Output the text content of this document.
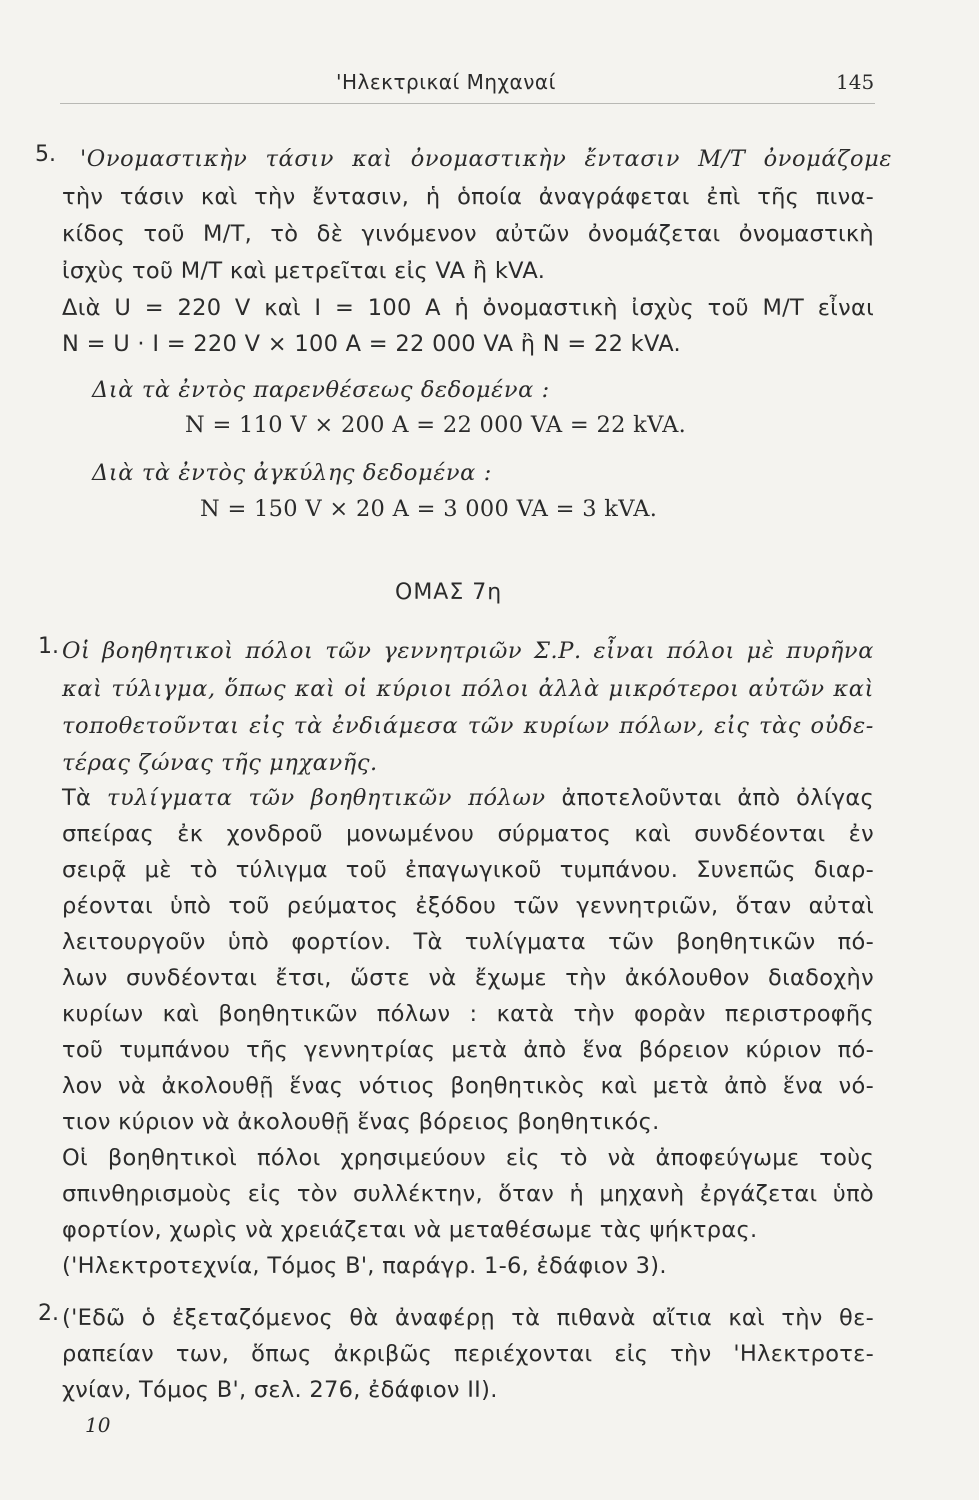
'Ηλεκτρικαί Μηχαναί	145
5. 'Ονομαστικὴν τάσιν καὶ ὀνομαστικὴν ἔντασιν Μ/Τ ὀνομάζομε
τὴν τάσιν καὶ τὴν ἔντασιν, ἡ ὁποία ἀναγράφεται ἐπὶ τῆς πινα-
κίδος τοῦ Μ/Τ, τὸ δὲ γινόμενον αὐτῶν ὀνομάζεται ὀνομαστικὴ
ἰσχὺς τοῦ Μ/Τ καὶ μετρεῖται εἰς VA ἢ kVA.
Διὰ U = 220 V καὶ I = 100 A ἡ ὀνομαστικὴ ἰσχὺς τοῦ Μ/Τ εἶναι
N = U · I = 220 V × 100 A = 22 000 VA ἢ N = 22 kVA.
Διὰ τὰ ἐντὸς παρενθέσεως δεδομένα :
N = 110 V × 200 A = 22 000 VA = 22 kVA.
Διὰ τὰ ἐντὸς ἀγκύλης δεδομένα :
N = 150 V × 20 A = 3 000 VA = 3 kVA.
ΟΜΑΣ 7η
1. Οἱ βοηθητικοὶ πόλοι τῶν γεννητριῶν Σ.Ρ. εἶναι πόλοι μὲ πυρῆνα
καὶ τύλιγμα, ὅπως καὶ οἱ κύριοι πόλοι ἀλλὰ μικρότεροι αὐτῶν καὶ
τοποθετοῦνται εἰς τὰ ἐνδιάμεσα τῶν κυρίων πόλων, εἰς τὰς οὐδε-
τέρας ζώνας τῆς μηχανῆς.
Τὰ τυλίγματα τῶν βοηθητικῶν πόλων ἀποτελοῦνται ἀπὸ ὀλίγας
σπείρας ἐκ χονδροῦ μονωμένου σύρματος καὶ συνδέονται ἐν
σειρᾷ μὲ τὸ τύλιγμα τοῦ ἐπαγωγικοῦ τυμπάνου. Συνεπῶς διαρ-
ρέονται ὑπὸ τοῦ ρεύματος ἐξόδου τῶν γεννητριῶν, ὅταν αὐταὶ
λειτουργοῦν ὑπὸ φορτίον. Τὰ τυλίγματα τῶν βοηθητικῶν πό-
λων συνδέονται ἔτσι, ὥστε νὰ ἔχωμε τὴν ἀκόλουθον διαδοχὴν
κυρίων καὶ βοηθητικῶν πόλων : κατὰ τὴν φορὰν περιστροφῆς
τοῦ τυμπάνου τῆς γεννητρίας μετὰ ἀπὸ ἕνα βόρειον κύριον πό-
λον νὰ ἀκολουθῇ ἕνας νότιος βοηθητικὸς καὶ μετὰ ἀπὸ ἕνα νό-
τιον κύριον νὰ ἀκολουθῇ ἕνας βόρειος βοηθητικός.
Οἱ βοηθητικοὶ πόλοι χρησιμεύουν εἰς τὸ νὰ ἀποφεύγωμε τοὺς
σπινθηρισμοὺς εἰς τὸν συλλέκτην, ὅταν ἡ μηχανὴ ἐργάζεται ὑπὸ
φορτίον, χωρὶς νὰ χρειάζεται νὰ μεταθέσωμε τὰς ψήκτρας.
('Ηλεκτροτεχνία, Τόμος Β', παράγρ. 1-6, ἐδάφιον 3).
2. ('Εδῶ ὁ ἐξεταζόμενος θὰ ἀναφέρῃ τὰ πιθανὰ αἴτια καὶ τὴν θε-
ραπείαν των, ὅπως ἀκριβῶς περιέχονται εἰς τὴν 'Ηλεκτροτε-
χνίαν, Τόμος Β', σελ. 276, ἐδάφιον ΙΙ).
10
